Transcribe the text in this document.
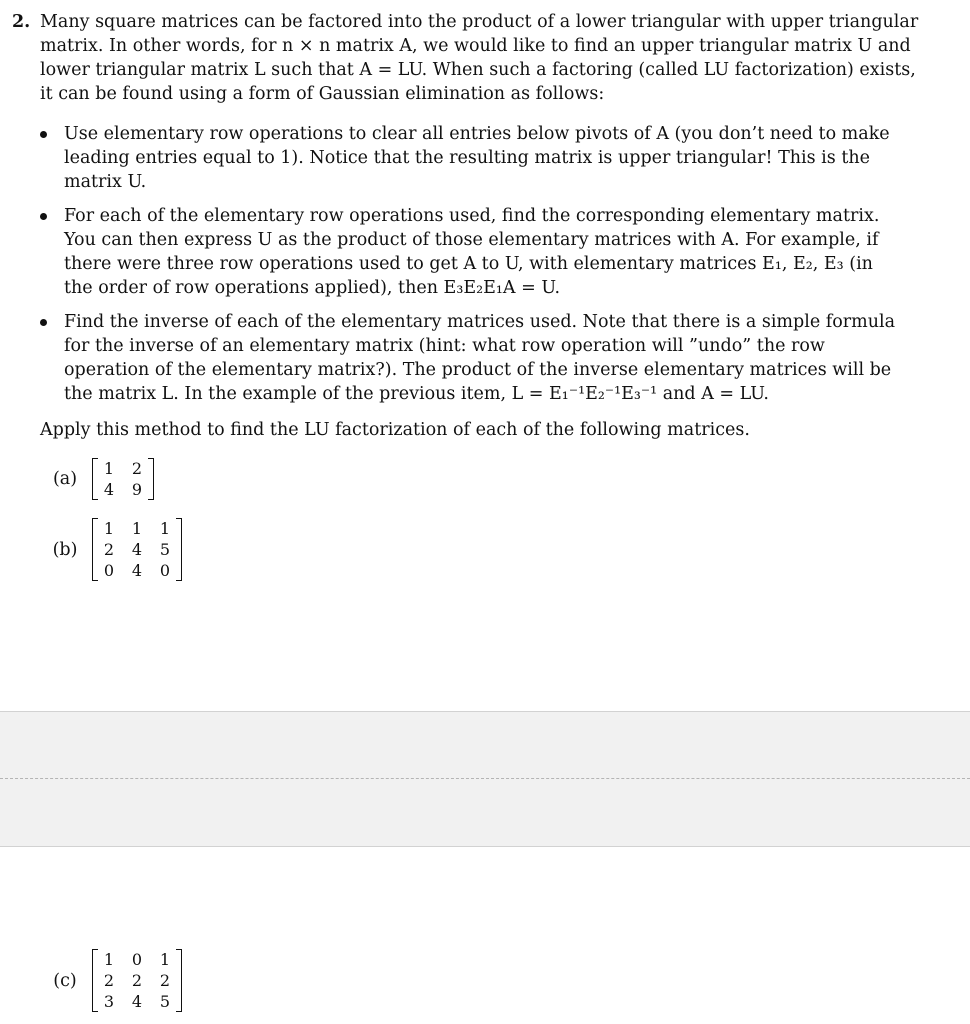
2. Many square matrices can be factored into the product of a lower triangular with upper triangular matrix. In other words, for n × n matrix A, we would like to find an upper triangular matrix U and lower triangular matrix L such that A = LU. When such a factoring (called LU factorization) exists, it can be found using a form of Gaussian elimination as follows:
Use elementary row operations to clear all entries below pivots of A (you don’t need to make leading entries equal to 1). Notice that the resulting matrix is upper triangular! This is the matrix U.
For each of the elementary row operations used, find the corresponding elementary matrix. You can then express U as the product of those elementary matrices with A. For example, if there were three row operations used to get A to U, with elementary matrices E₁, E₂, E₃ (in the order of row operations applied), then E₃E₂E₁A = U.
Find the inverse of each of the elementary matrices used. Note that there is a simple formula for the inverse of an elementary matrix (hint: what row operation will ”undo” the row operation of the elementary matrix?). The product of the inverse elementary matrices will be the matrix L. In the example of the previous item, L = E₁⁻¹E₂⁻¹E₃⁻¹ and A = LU.
Apply this method to find the LU factorization of each of the following matrices.
(a)
1 2
4 9
(b)
1 1 1
2 4 5
0 4 0
(c)
1 0 1
2 2 2
3 4 5
